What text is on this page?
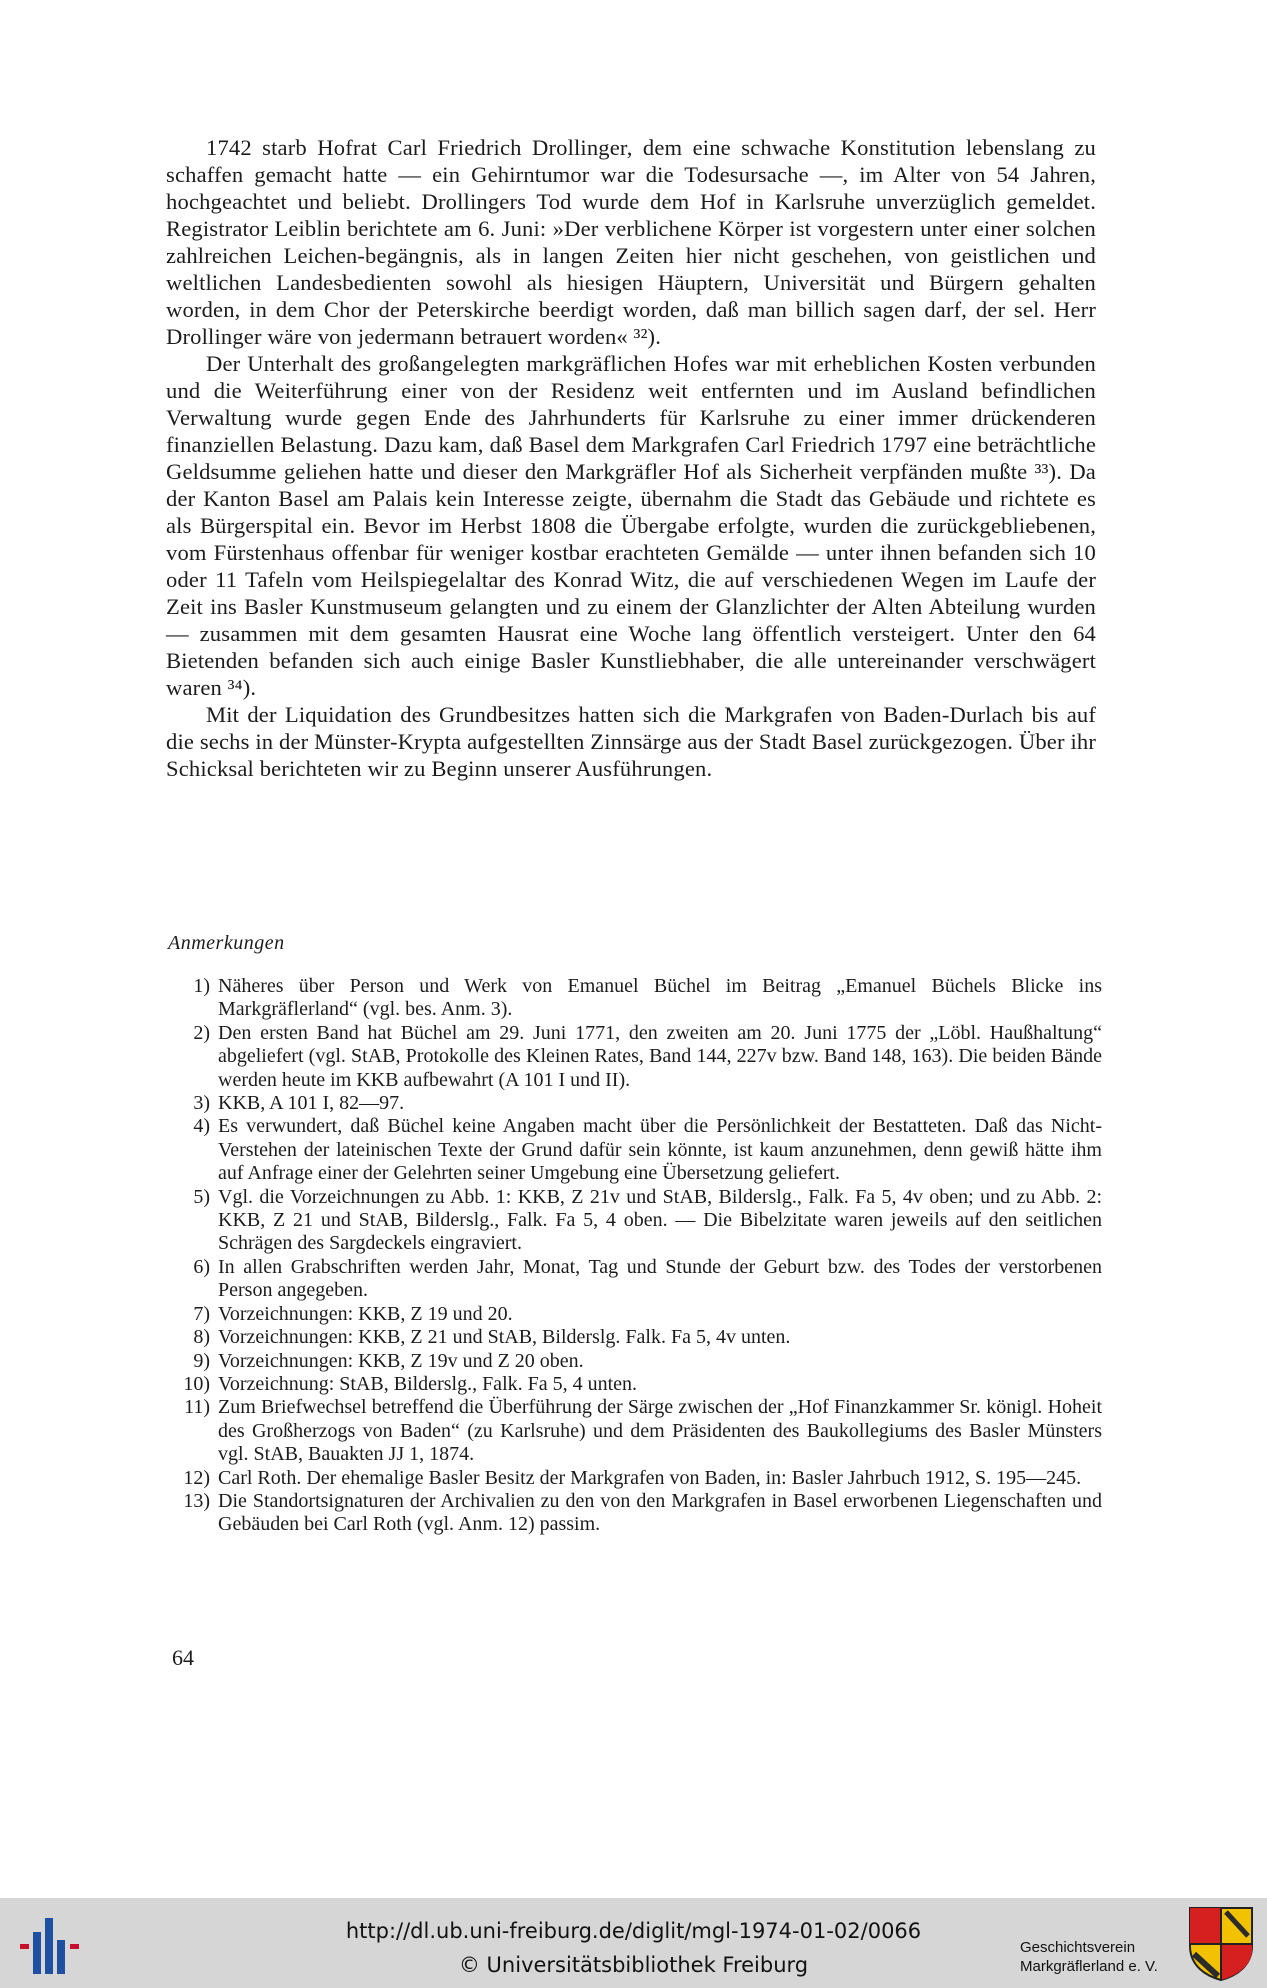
1742 starb Hofrat Carl Friedrich Drollinger, dem eine schwache Konstitution lebenslang zu schaffen gemacht hatte — ein Gehirntumor war die Todesursache —, im Alter von 54 Jahren, hochgeachtet und beliebt. Drollingers Tod wurde dem Hof in Karlsruhe unverzüglich gemeldet. Registrator Leiblin berichtete am 6. Juni: »Der verblichene Körper ist vorgestern unter einer solchen zahlreichen Leichen-begängnis, als in langen Zeiten hier nicht geschehen, von geistlichen und weltlichen Landesbedienten sowohl als hiesigen Häuptern, Universität und Bürgern gehalten worden, in dem Chor der Peterskirche beerdigt worden, daß man billich sagen darf, der sel. Herr Drollinger wäre von jedermann betrauert worden« ³²).

Der Unterhalt des großangelegten markgräflichen Hofes war mit erheblichen Kosten verbunden und die Weiterführung einer von der Residenz weit entfernten und im Ausland befindlichen Verwaltung wurde gegen Ende des Jahrhunderts für Karlsruhe zu einer immer drückenderen finanziellen Belastung. Dazu kam, daß Basel dem Markgrafen Carl Friedrich 1797 eine beträchtliche Geldsumme geliehen hatte und dieser den Markgräfler Hof als Sicherheit verpfänden mußte ³³). Da der Kanton Basel am Palais kein Interesse zeigte, übernahm die Stadt das Gebäude und richtete es als Bürgerspital ein. Bevor im Herbst 1808 die Übergabe erfolgte, wurden die zurückgebliebenen, vom Fürstenhaus offenbar für weniger kostbar erachteten Gemälde — unter ihnen befanden sich 10 oder 11 Tafeln vom Heilspiegelaltar des Konrad Witz, die auf verschiedenen Wegen im Laufe der Zeit ins Basler Kunstmuseum gelangten und zu einem der Glanzlichter der Alten Abteilung wurden — zusammen mit dem gesamten Hausrat eine Woche lang öffentlich versteigert. Unter den 64 Bietenden befanden sich auch einige Basler Kunstliebhaber, die alle untereinander verschwägert waren ³⁴).

Mit der Liquidation des Grundbesitzes hatten sich die Markgrafen von Baden-Durlach bis auf die sechs in der Münster-Krypta aufgestellten Zinnsärge aus der Stadt Basel zurückgezogen. Über ihr Schicksal berichteten wir zu Beginn unserer Ausführungen.

Anmerkungen
1) Näheres über Person und Werk von Emanuel Büchel im Beitrag „Emanuel Büchels Blicke ins Markgräflerland“ (vgl. bes. Anm. 3).
2) Den ersten Band hat Büchel am 29. Juni 1771, den zweiten am 20. Juni 1775 der „Löbl. Haußhaltung“ abgeliefert (vgl. StAB, Protokolle des Kleinen Rates, Band 144, 227v bzw. Band 148, 163). Die beiden Bände werden heute im KKB aufbewahrt (A 101 I und II).
3) KKB, A 101 I, 82—97.
4) Es verwundert, daß Büchel keine Angaben macht über die Persönlichkeit der Bestatteten. Daß das Nicht-Verstehen der lateinischen Texte der Grund dafür sein könnte, ist kaum anzunehmen, denn gewiß hätte ihm auf Anfrage einer der Gelehrten seiner Umgebung eine Übersetzung geliefert.
5) Vgl. die Vorzeichnungen zu Abb. 1: KKB, Z 21v und StAB, Bilderslg., Falk. Fa 5, 4v oben; und zu Abb. 2: KKB, Z 21 und StAB, Bilderslg., Falk. Fa 5, 4 oben. — Die Bibelzitate waren jeweils auf den seitlichen Schrägen des Sargdeckels eingraviert.
6) In allen Grabschriften werden Jahr, Monat, Tag und Stunde der Geburt bzw. des Todes der verstorbenen Person angegeben.
7) Vorzeichnungen: KKB, Z 19 und 20.
8) Vorzeichnungen: KKB, Z 21 und StAB, Bilderslg. Falk. Fa 5, 4v unten.
9) Vorzeichnungen: KKB, Z 19v und Z 20 oben.
10) Vorzeichnung: StAB, Bilderslg., Falk. Fa 5, 4 unten.
11) Zum Briefwechsel betreffend die Überführung der Särge zwischen der „Hof Finanzkammer Sr. königl. Hoheit des Großherzogs von Baden“ (zu Karlsruhe) und dem Präsidenten des Baukollegiums des Basler Münsters vgl. StAB, Bauakten JJ 1, 1874.
12) Carl Roth. Der ehemalige Basler Besitz der Markgrafen von Baden, in: Basler Jahrbuch 1912, S. 195—245.
13) Die Standortsignaturen der Archivalien zu den von den Markgrafen in Basel erworbenen Liegenschaften und Gebäuden bei Carl Roth (vgl. Anm. 12) passim.
64
http://dl.ub.uni-freiburg.de/diglit/mgl-1974-01-02/0066
© Universitätsbibliothek Freiburg
Geschichtsverein
Markgräflerland e. V.
